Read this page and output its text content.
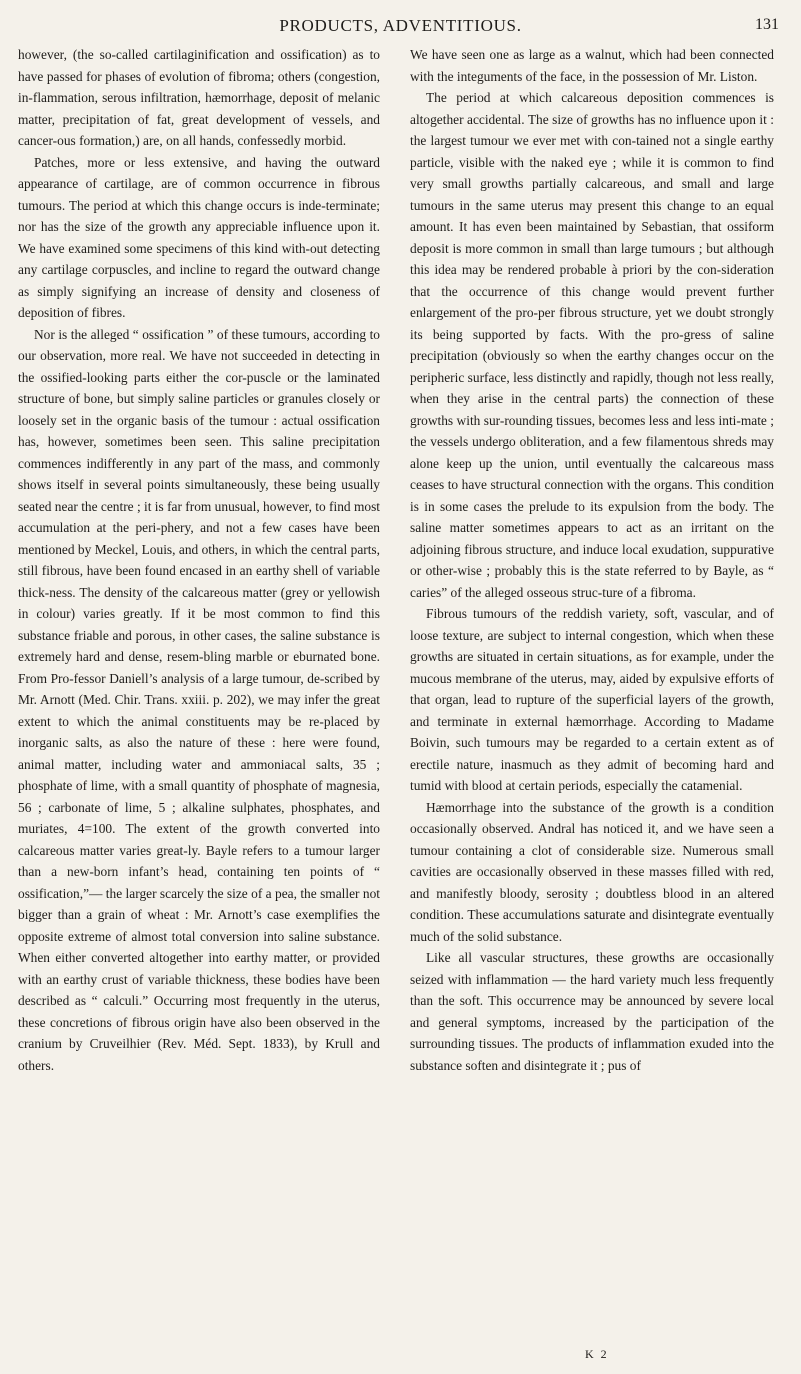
PRODUCTS, ADVENTITIOUS.	131

however, (the so-called cartilaginification and ossification) as to have passed for phases of evolution of fibroma; others (congestion, in-flammation, serous infiltration, hæmorrhage, deposit of melanic matter, precipitation of fat, great development of vessels, and cancer-ous formation,) are, on all hands, confessedly morbid.

Patches, more or less extensive, and having the outward appearance of cartilage, are of common occurrence in fibrous tumours. The period at which this change occurs is inde-terminate; nor has the size of the growth any appreciable influence upon it. We have examined some specimens of this kind with-out detecting any cartilage corpuscles, and incline to regard the outward change as simply signifying an increase of density and closeness of deposition of fibres.

Nor is the alleged “ ossification ” of these tumours, according to our observation, more real. We have not succeeded in detecting in the ossified-looking parts either the cor-puscle or the laminated structure of bone, but simply saline particles or granules closely or loosely set in the organic basis of the tumour : actual ossification has, however, sometimes been seen. This saline precipitation commences indifferently in any part of the mass, and commonly shows itself in several points simultaneously, these being usually seated near the centre ; it is far from unusual, however, to find most accumulation at the peri-phery, and not a few cases have been mentioned by Meckel, Louis, and others, in which the central parts, still fibrous, have been found encased in an earthy shell of variable thick-ness. The density of the calcareous matter (grey or yellowish in colour) varies greatly. If it be most common to find this substance friable and porous, in other cases, the saline substance is extremely hard and dense, resem-bling marble or eburnated bone. From Pro-fessor Daniell’s analysis of a large tumour, de-scribed by Mr. Arnott (Med. Chir. Trans. xxiii. p. 202), we may infer the great extent to which the animal constituents may be re-placed by inorganic salts, as also the nature of these : here were found, animal matter, including water and ammoniacal salts, 35 ; phosphate of lime, with a small quantity of phosphate of magnesia, 56 ; carbonate of lime, 5 ; alkaline sulphates, phosphates, and muriates, 4=100. The extent of the growth converted into calcareous matter varies great-ly. Bayle refers to a tumour larger than a new-born infant’s head, containing ten points of “ ossification,”— the larger scarcely the size of a pea, the smaller not bigger than a grain of wheat : Mr. Arnott’s case exemplifies the opposite extreme of almost total conversion into saline substance. When either converted altogether into earthy matter, or provided with an earthy crust of variable thickness, these bodies have been described as “ calculi.” Occurring most frequently in the uterus, these concretions of fibrous origin have also been observed in the cranium by Cruveilhier (Rev. Méd. Sept. 1833), by Krull and others.

We have seen one as large as a walnut, which had been connected with the integuments of the face, in the possession of Mr. Liston.

The period at which calcareous deposition commences is altogether accidental. The size of growths has no influence upon it : the largest tumour we ever met with con-tained not a single earthy particle, visible with the naked eye ; while it is common to find very small growths partially calcareous, and small and large tumours in the same uterus may present this change to an equal amount. It has even been maintained by Sebastian, that ossiform deposit is more common in small than large tumours ; but although this idea may be rendered probable à priori by the con-sideration that the occurrence of this change would prevent further enlargement of the pro-per fibrous structure, yet we doubt strongly its being supported by facts. With the pro-gress of saline precipitation (obviously so when the earthy changes occur on the peripheric surface, less distinctly and rapidly, though not less really, when they arise in the central parts) the connection of these growths with sur-rounding tissues, becomes less and less inti-mate ; the vessels undergo obliteration, and a few filamentous shreds may alone keep up the union, until eventually the calcareous mass ceases to have structural connection with the organs. This condition is in some cases the prelude to its expulsion from the body. The saline matter sometimes appears to act as an irritant on the adjoining fibrous structure, and induce local exudation, suppurative or other-wise ; probably this is the state referred to by Bayle, as “ caries” of the alleged osseous struc-ture of a fibroma.

Fibrous tumours of the reddish variety, soft, vascular, and of loose texture, are subject to internal congestion, which when these growths are situated in certain situations, as for example, under the mucous membrane of the uterus, may, aided by expulsive efforts of that organ, lead to rupture of the superficial layers of the growth, and terminate in external hæmorrhage. According to Madame Boivin, such tumours may be regarded to a certain extent as of erectile nature, inasmuch as they admit of becoming hard and tumid with blood at certain periods, especially the catamenial.

Hæmorrhage into the substance of the growth is a condition occasionally observed. Andral has noticed it, and we have seen a tumour containing a clot of considerable size. Numerous small cavities are occasionally observed in these masses filled with red, and manifestly bloody, serosity ; doubtless blood in an altered condition. These accumulations saturate and disintegrate eventually much of the solid substance.

Like all vascular structures, these growths are occasionally seized with inflammation — the hard variety much less frequently than the soft. This occurrence may be announced by severe local and general symptoms, increased by the participation of the surrounding tissues. The products of inflammation exuded into the substance soften and disintegrate it ; pus of

K 2
